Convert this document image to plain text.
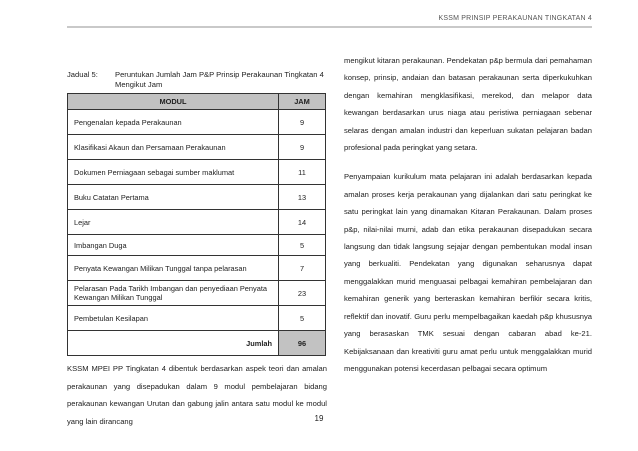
KSSM PRINSIP PERAKAUNAN TINGKATAN 4
Jadual 5: Peruntukan Jumlah Jam P&P Prinsip Perakaunan Tingkatan 4 Mengikut Jam
MODUL	JAM
Pengenalan kepada Perakaunan	9
Klasifikasi Akaun dan Persamaan Perakaunan	9
Dokumen Perniagaan sebagai sumber maklumat	11
Buku Catatan Pertama	13
Lejar	14
Imbangan Duga	5
Penyata Kewangan Milikan Tunggal tanpa pelarasan	7
Pelarasan Pada Tarikh Imbangan dan penyediaan Penyata Kewangan Milikan Tunggal	23
Pembetulan Kesilapan	5
Jumlah	96
KSSM MPEI PP Tingkatan 4 dibentuk berdasarkan aspek teori dan amalan perakaunan yang disepadukan dalam 9 modul pembelajaran bidang perakaunan kewangan Urutan dan gabung jalin antara satu modul ke modul yang lain dirancang

mengikut kitaran perakaunan. Pendekatan p&p bermula dari pemahaman konsep, prinsip, andaian dan batasan perakaunan serta diperkukuhkan dengan kemahiran mengklasifikasi, merekod, dan melapor data kewangan berdasarkan urus niaga atau peristiwa perniagaan sebenar selaras dengan amalan industri dan keperluan sukatan pelajaran badan profesional pada peringkat yang setara.

Penyampaian kurikulum mata pelajaran ini adalah berdasarkan kepada amalan proses kerja perakaunan yang dijalankan dari satu peringkat ke satu peringkat lain yang dinamakan Kitaran Perakaunan. Dalam proses p&p, nilai-nilai murni, adab dan etika perakaunan disepadukan secara langsung dan tidak langsung sejajar dengan pembentukan modal insan yang berkualiti. Pendekatan yang digunakan seharusnya dapat menggalakkan murid menguasai pelbagai kemahiran pembelajaran dan kemahiran generik yang berteraskan kemahiran berfikir secara kritis, reflektif dan inovatif. Guru perlu mempelbagaikan kaedah p&p khususnya yang berasaskan TMK sesuai dengan cabaran abad ke-21. Kebijaksanaan dan kreativiti guru amat perlu untuk menggalakkan murid menggunakan potensi kecerdasan pelbagai secara optimum

19
